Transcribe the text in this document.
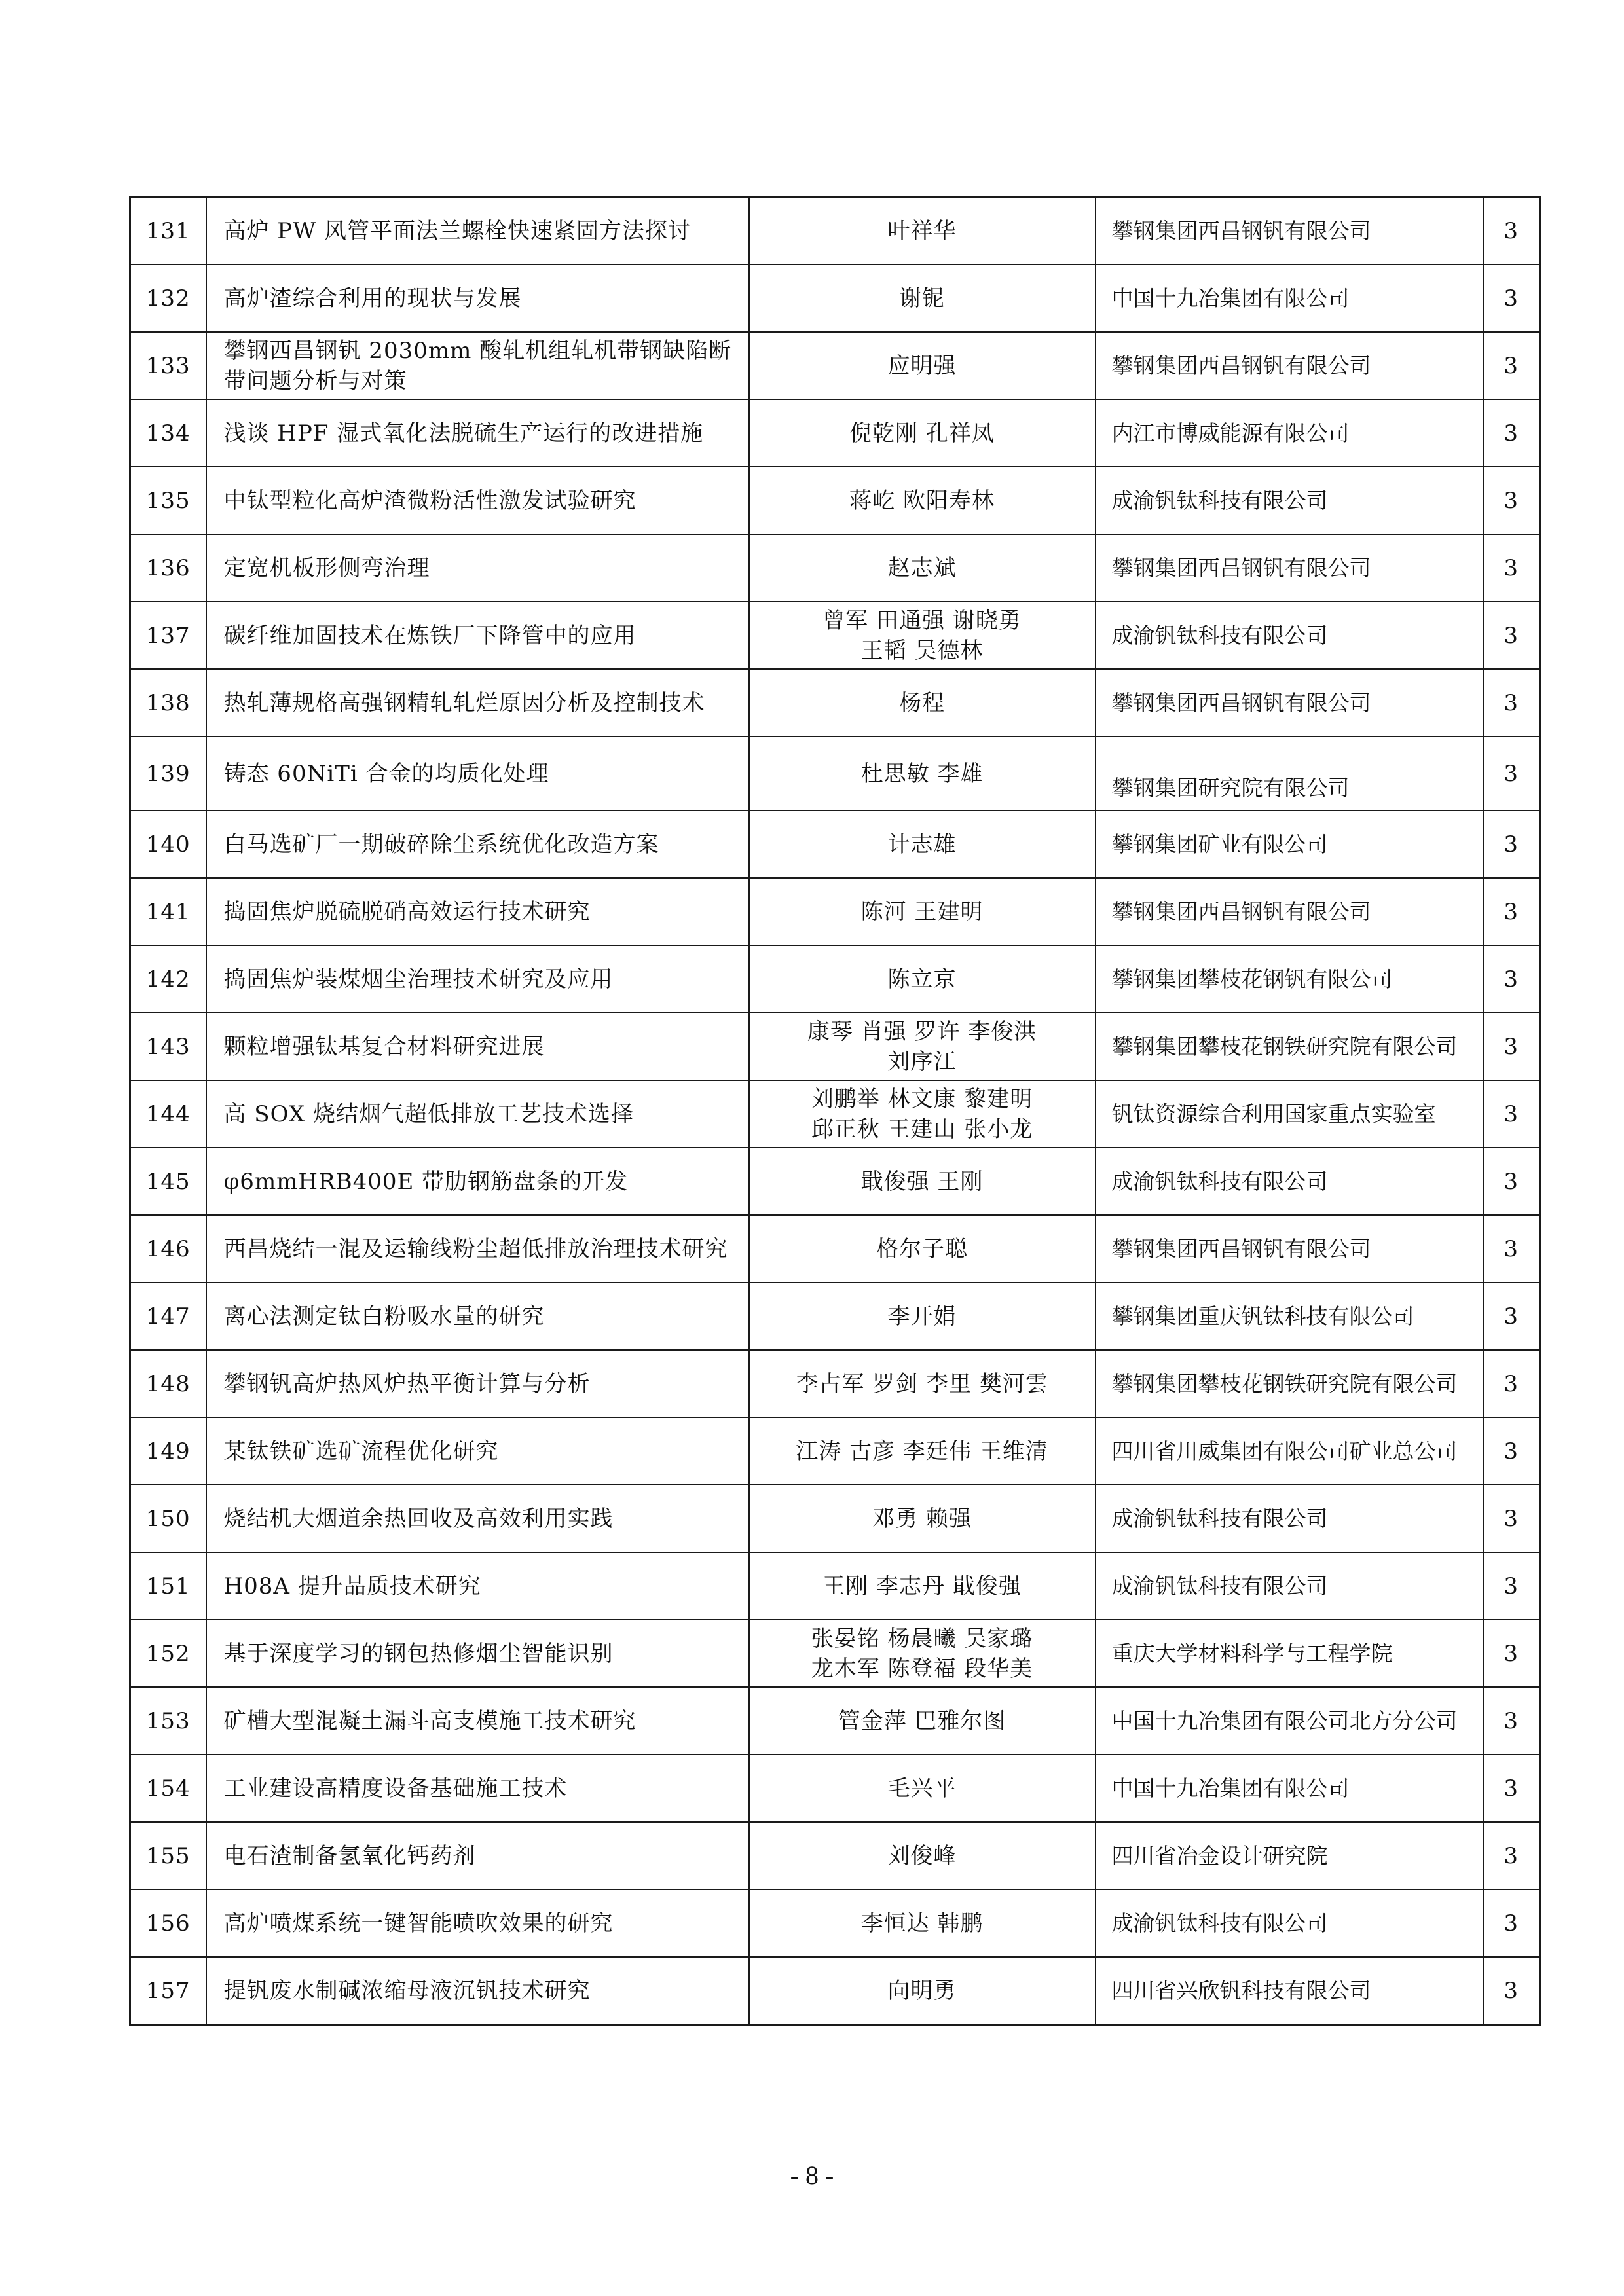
131	高炉 PW 风管平面法兰螺栓快速紧固方法探讨	叶祥华	攀钢集团西昌钢钒有限公司	3
132	高炉渣综合利用的现状与发展	谢铌	中国十九冶集团有限公司	3
133	攀钢西昌钢钒 2030mm 酸轧机组轧机带钢缺陷断带问题分析与对策	应明强	攀钢集团西昌钢钒有限公司	3
134	浅谈 HPF 湿式氧化法脱硫生产运行的改进措施	倪乾刚 孔祥凤	内江市博威能源有限公司	3
135	中钛型粒化高炉渣微粉活性激发试验研究	蒋屹 欧阳寿林	成渝钒钛科技有限公司	3
136	定宽机板形侧弯治理	赵志斌	攀钢集团西昌钢钒有限公司	3
137	碳纤维加固技术在炼铁厂下降管中的应用	曾军 田通强 谢晓勇
王韬 吴德林	成渝钒钛科技有限公司	3
138	热轧薄规格高强钢精轧轧烂原因分析及控制技术	杨程	攀钢集团西昌钢钒有限公司	3
139	铸态 60NiTi 合金的均质化处理	杜思敏 李雄	攀钢集团研究院有限公司	3
140	白马选矿厂一期破碎除尘系统优化改造方案	计志雄	攀钢集团矿业有限公司	3
141	捣固焦炉脱硫脱硝高效运行技术研究	陈河 王建明	攀钢集团西昌钢钒有限公司	3
142	捣固焦炉装煤烟尘治理技术研究及应用	陈立京	攀钢集团攀枝花钢钒有限公司	3
143	颗粒增强钛基复合材料研究进展	康琴 肖强 罗许 李俊洪
刘序江	攀钢集团攀枝花钢铁研究院有限公司	3
144	高 SOX 烧结烟气超低排放工艺技术选择	刘鹏举 林文康 黎建明
邱正秋 王建山 张小龙	钒钛资源综合利用国家重点实验室	3
145	φ6mmHRB400E 带肋钢筋盘条的开发	戢俊强 王刚	成渝钒钛科技有限公司	3
146	西昌烧结一混及运输线粉尘超低排放治理技术研究	格尔子聪	攀钢集团西昌钢钒有限公司	3
147	离心法测定钛白粉吸水量的研究	李开娟	攀钢集团重庆钒钛科技有限公司	3
148	攀钢钒高炉热风炉热平衡计算与分析	李占军 罗剑 李里 樊河雲	攀钢集团攀枝花钢铁研究院有限公司	3
149	某钛铁矿选矿流程优化研究	江涛 古彦 李廷伟 王维清	四川省川威集团有限公司矿业总公司	3
150	烧结机大烟道余热回收及高效利用实践	邓勇 赖强	成渝钒钛科技有限公司	3
151	H08A 提升品质技术研究	王刚 李志丹 戢俊强	成渝钒钛科技有限公司	3
152	基于深度学习的钢包热修烟尘智能识别	张晏铭 杨晨曦 吴家璐
龙木军 陈登福 段华美	重庆大学材料科学与工程学院	3
153	矿槽大型混凝土漏斗高支模施工技术研究	管金萍 巴雅尔图	中国十九冶集团有限公司北方分公司	3
154	工业建设高精度设备基础施工技术	毛兴平	中国十九冶集团有限公司	3
155	电石渣制备氢氧化钙药剂	刘俊峰	四川省冶金设计研究院	3
156	高炉喷煤系统一键智能喷吹效果的研究	李恒达 韩鹏	成渝钒钛科技有限公司	3
157	提钒废水制碱浓缩母液沉钒技术研究	向明勇	四川省兴欣钒科技有限公司	3
- 8 -
